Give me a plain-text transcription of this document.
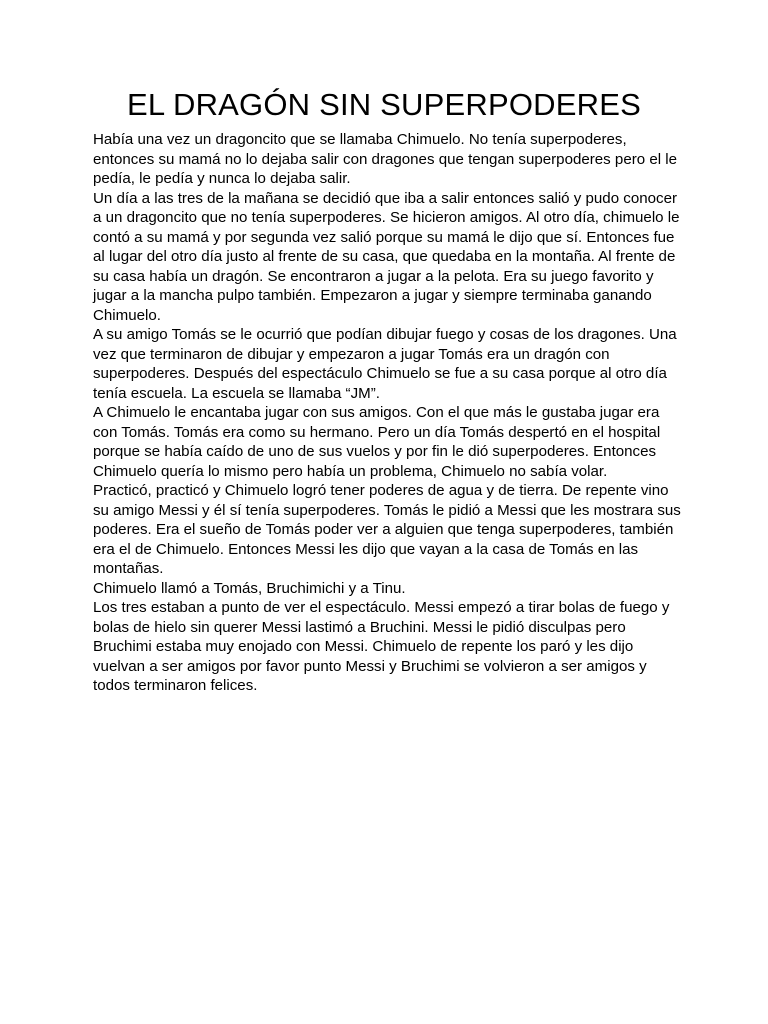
EL DRAGÓN SIN SUPERPODERES

Había una vez un dragoncito que se llamaba Chimuelo. No tenía superpoderes, entonces su mamá no lo dejaba salir con dragones que tengan superpoderes pero el le pedía, le pedía y nunca lo dejaba salir.

Un día a las tres de la mañana se decidió que iba a salir entonces salió y pudo conocer a un dragoncito que no tenía superpoderes. Se hicieron amigos. Al otro día, chimuelo le contó a su mamá y por segunda vez salió porque su mamá le dijo que sí. Entonces fue al lugar del otro día justo al frente de su casa, que quedaba en la montaña. Al frente de su casa había un dragón. Se encontraron a jugar a la pelota. Era su juego favorito y jugar a la mancha pulpo también. Empezaron a jugar y siempre terminaba ganando Chimuelo.

A su amigo Tomás se le ocurrió que podían dibujar fuego y cosas de los dragones. Una vez que terminaron de dibujar y empezaron a jugar Tomás era un dragón con superpoderes. Después del espectáculo Chimuelo se fue a su casa porque al otro día tenía escuela. La escuela se llamaba “JM”.

A Chimuelo le encantaba jugar con sus amigos. Con el que más le gustaba jugar era con Tomás. Tomás era como su hermano. Pero un día Tomás despertó en el hospital porque se había caído de uno de sus vuelos y por fin le dió superpoderes. Entonces Chimuelo quería lo mismo pero había un problema, Chimuelo no sabía volar.

Practicó, practicó y Chimuelo logró tener poderes de agua y de tierra. De repente vino su amigo Messi y él sí tenía superpoderes. Tomás le pidió a Messi que les mostrara sus poderes. Era el sueño de Tomás poder ver a alguien que tenga superpoderes, también era el de Chimuelo. Entonces Messi les dijo que vayan a la casa de Tomás en las montañas.

Chimuelo llamó a Tomás, Bruchimichi y a Tinu.

Los tres estaban a punto de ver el espectáculo. Messi empezó a tirar bolas de fuego y bolas de hielo sin querer Messi lastimó a Bruchini. Messi le pidió disculpas pero Bruchimi estaba muy enojado con Messi. Chimuelo de repente los paró y les dijo vuelvan a ser amigos por favor punto Messi y Bruchimi se volvieron a ser amigos y todos terminaron felices.
